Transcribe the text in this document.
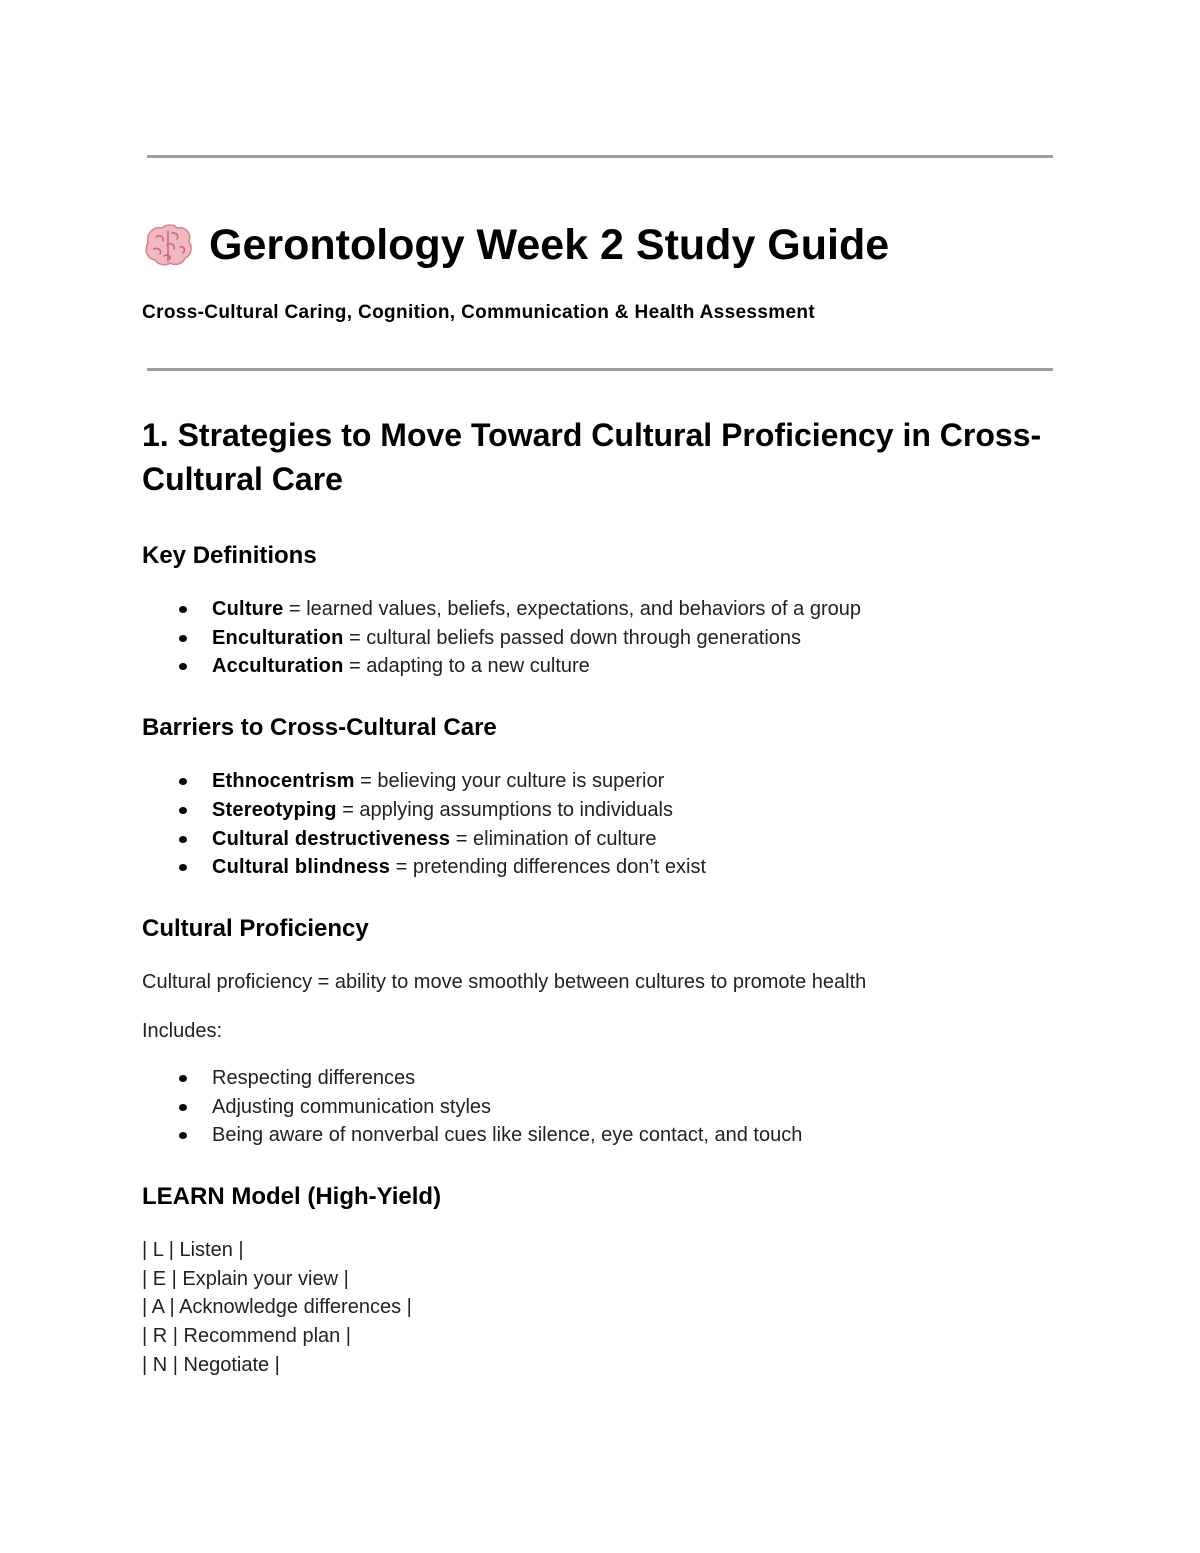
Gerontology Week 2 Study Guide
Cross-Cultural Caring, Cognition, Communication & Health Assessment
1. Strategies to Move Toward Cultural Proficiency in Cross-Cultural Care
Key Definitions
Culture = learned values, beliefs, expectations, and behaviors of a group
Enculturation = cultural beliefs passed down through generations
Acculturation = adapting to a new culture
Barriers to Cross-Cultural Care
Ethnocentrism = believing your culture is superior
Stereotyping = applying assumptions to individuals
Cultural destructiveness = elimination of culture
Cultural blindness = pretending differences don’t exist
Cultural Proficiency

Cultural proficiency = ability to move smoothly between cultures to promote health

Includes:

Respecting differences
Adjusting communication styles
Being aware of nonverbal cues like silence, eye contact, and touch
LEARN Model (High-Yield)
| L | Listen |
| E | Explain your view |
| A | Acknowledge differences |
| R | Recommend plan |
| N | Negotiate |
